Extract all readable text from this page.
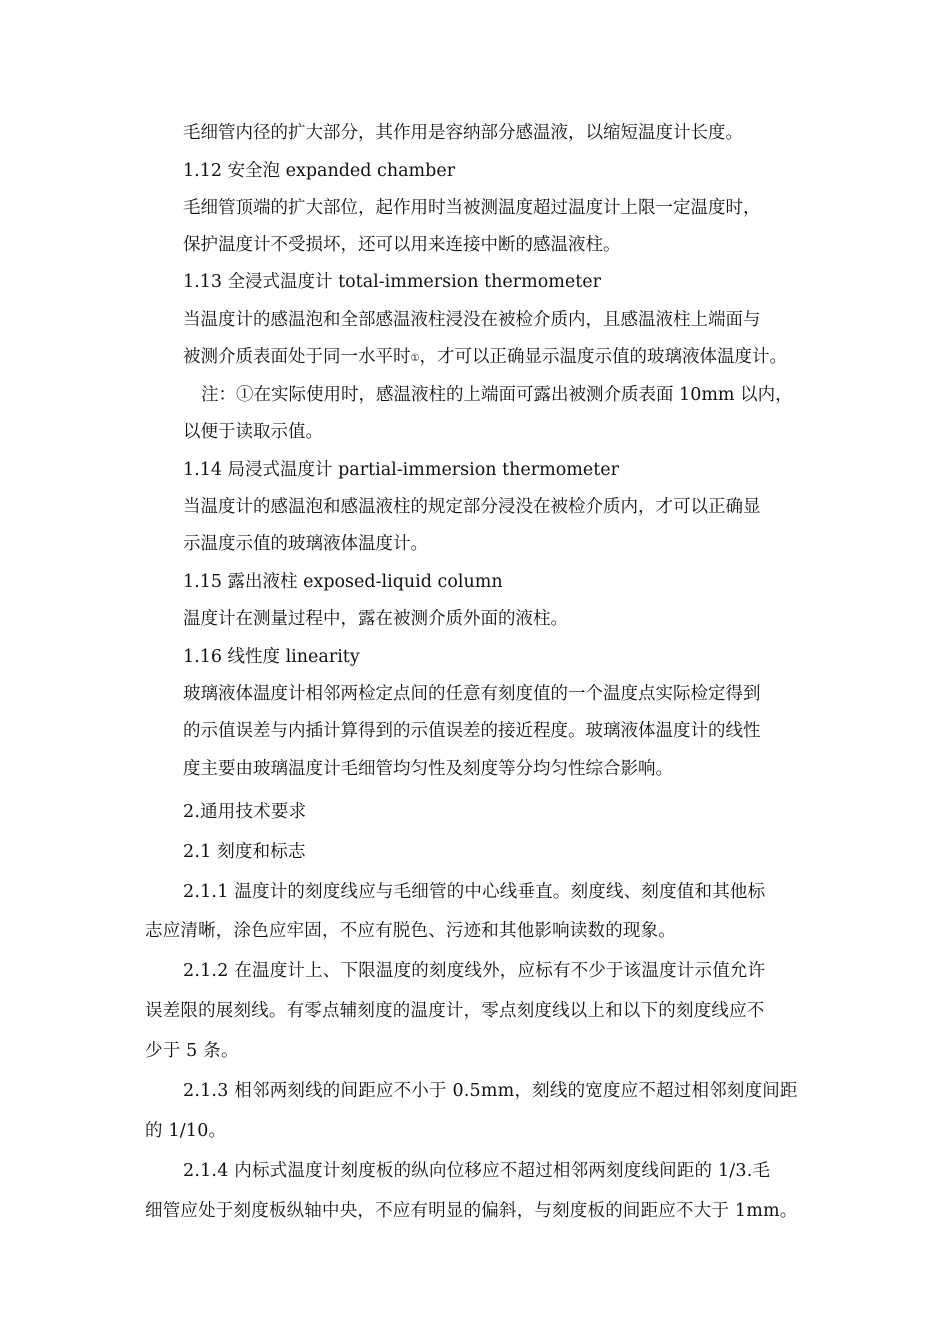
毛细管内径的扩大部分，其作用是容纳部分感温液，以缩短温度计长度。
1.12 安全泡 expanded chamber
毛细管顶端的扩大部位，起作用时当被测温度超过温度计上限一定温度时，
保护温度计不受损坏，还可以用来连接中断的感温液柱。
1.13 全浸式温度计 total-immersion thermometer
当温度计的感温泡和全部感温液柱浸没在被检介质内，且感温液柱上端面与
被测介质表面处于同一水平时①，才可以正确显示温度示值的玻璃液体温度计。
注：①在实际使用时，感温液柱的上端面可露出被测介质表面 10mm 以内，
以便于读取示值。
1.14 局浸式温度计 partial-immersion thermometer
当温度计的感温泡和感温液柱的规定部分浸没在被检介质内，才可以正确显
示温度示值的玻璃液体温度计。
1.15 露出液柱 exposed-liquid column
温度计在测量过程中，露在被测介质外面的液柱。
1.16 线性度 linearity
玻璃液体温度计相邻两检定点间的任意有刻度值的一个温度点实际检定得到
的示值误差与内插计算得到的示值误差的接近程度。玻璃液体温度计的线性
度主要由玻璃温度计毛细管均匀性及刻度等分均匀性综合影响。
2.通用技术要求
2.1 刻度和标志
2.1.1 温度计的刻度线应与毛细管的中心线垂直。刻度线、刻度值和其他标
志应清晰，涂色应牢固，不应有脱色、污迹和其他影响读数的现象。
2.1.2 在温度计上、下限温度的刻度线外，应标有不少于该温度计示值允许
误差限的展刻线。有零点辅刻度的温度计，零点刻度线以上和以下的刻度线应不
少于 5 条。
2.1.3 相邻两刻线的间距应不小于 0.5mm，刻线的宽度应不超过相邻刻度间距
的 1/10。
2.1.4 内标式温度计刻度板的纵向位移应不超过相邻两刻度线间距的 1/3.毛
细管应处于刻度板纵轴中央，不应有明显的偏斜，与刻度板的间距应不大于 1mm。
